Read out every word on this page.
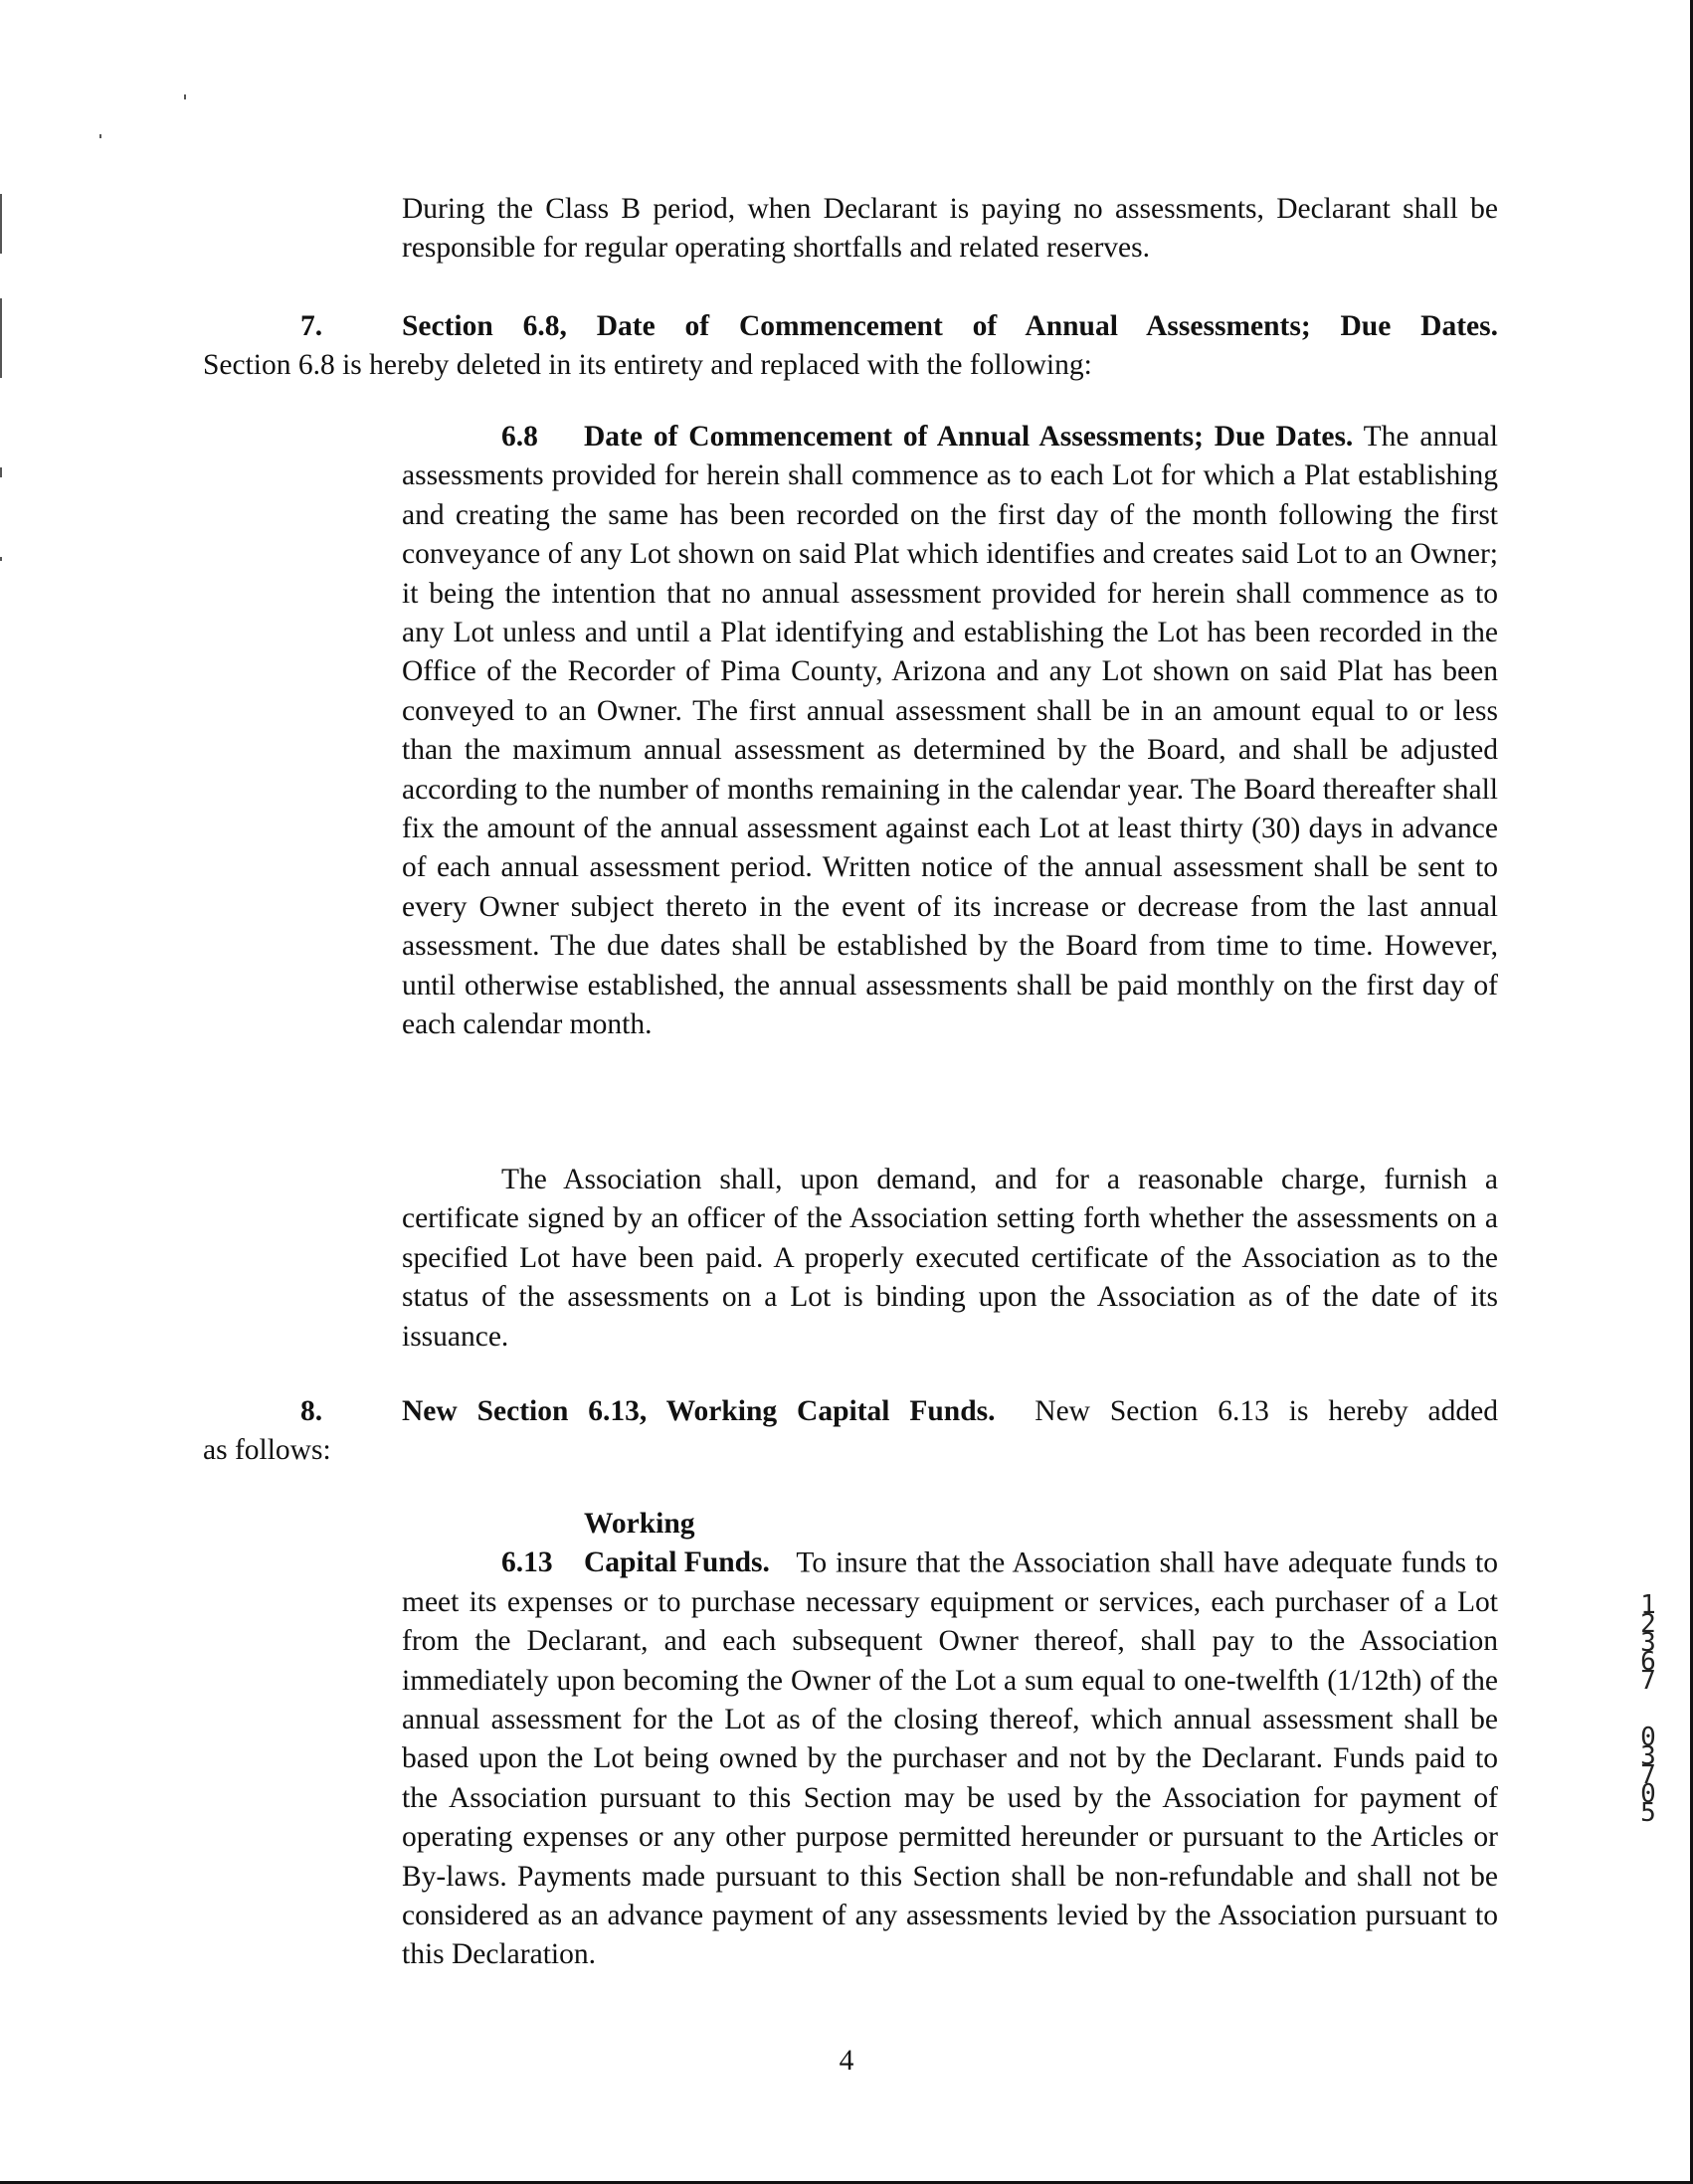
During the Class B period, when Declarant is paying no assessments, Declarant shall be responsible for regular operating shortfalls and related reserves.

7.	Section 6.8, Date of Commencement of Annual Assessments; Due Dates.
Section 6.8 is hereby deleted in its entirety and replaced with the following:
6.8 Date of Commencement of Annual Assessments; Due Dates. The annual assessments provided for herein shall commence as to each Lot for which a Plat establishing and creating the same has been recorded on the first day of the month following the first conveyance of any Lot shown on said Plat which identifies and creates said Lot to an Owner; it being the intention that no annual assessment provided for herein shall commence as to any Lot unless and until a Plat identifying and establishing the Lot has been recorded in the Office of the Recorder of Pima County, Arizona and any Lot shown on said Plat has been conveyed to an Owner. The first annual assessment shall be in an amount equal to or less than the maximum annual assessment as determined by the Board, and shall be adjusted according to the number of months remaining in the calendar year. The Board thereafter shall fix the amount of the annual assessment against each Lot at least thirty (30) days in advance of each annual assessment period. Written notice of the annual assessment shall be sent to every Owner subject thereto in the event of its increase or decrease from the last annual assessment. The due dates shall be established by the Board from time to time. However, until otherwise established, the annual assessments shall be paid monthly on the first day of each calendar month.

The Association shall, upon demand, and for a reasonable charge, furnish a certificate signed by an officer of the Association setting forth whether the assessments on a specified Lot have been paid. A properly executed certificate of the Association as to the status of the assessments on a Lot is binding upon the Association as of the date of its issuance.

8.	New Section 6.13, Working Capital Funds. New Section 6.13 is hereby added
as follows:
6.13Working Capital Funds. To insure that the Association shall have adequate funds to meet its expenses or to purchase necessary equipment or services, each purchaser of a Lot from the Declarant, and each subsequent Owner thereof, shall pay to the Association immediately upon becoming the Owner of the Lot a sum equal to one-twelfth (1/12th) of the annual assessment for the Lot as of the closing thereof, which annual assessment shall be based upon the Lot being owned by the purchaser and not by the Declarant. Funds paid to the Association pursuant to this Section may be used by the Association for payment of operating expenses or any other purpose permitted hereunder or pursuant to the Articles or By-laws. Payments made pursuant to this Section shall be non-refundable and shall not be considered as an advance payment of any assessments levied by the Association pursuant to this Declaration.
4
12367
03705
